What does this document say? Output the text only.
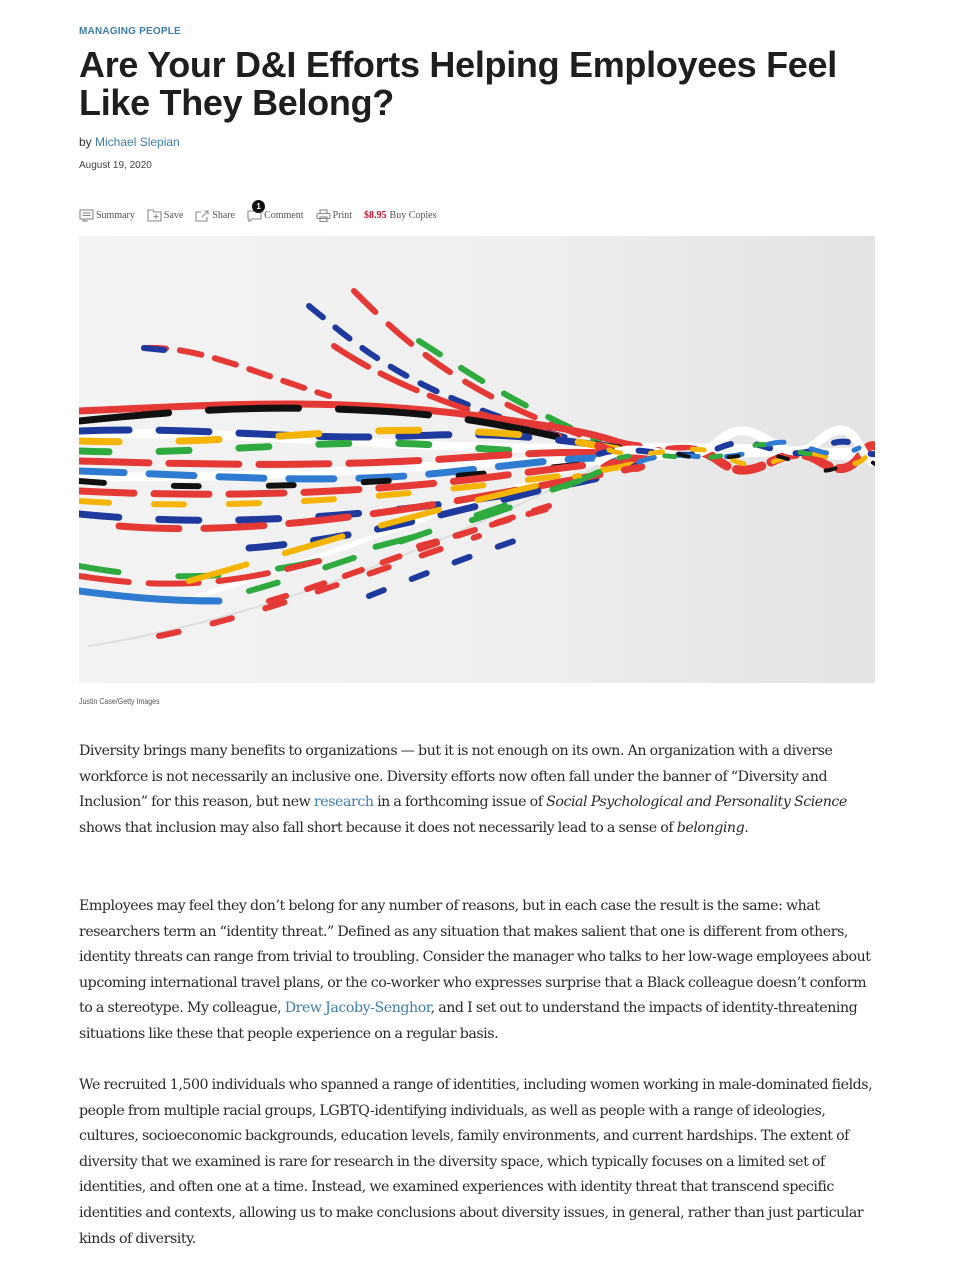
MANAGING PEOPLE
Are Your D&I Efforts Helping Employees Feel Like They Belong?
by Michael Slepian
August 19, 2020
Summary	Save	Share
1
Comment	Print $8.95 Buy Copies
Justin Case/Getty Images

Diversity brings many benefits to organizations — but it is not enough on its own. An organization with a diverse workforce is not necessarily an inclusive one. Diversity efforts now often fall under the banner of “Diversity and Inclusion” for this reason, but new research in a forthcoming issue of Social Psychological and Personality Science shows that inclusion may also fall short because it does not necessarily lead to a sense of belonging.

Employees may feel they don’t belong for any number of reasons, but in each case the result is the same: what researchers term an “identity threat.” Defined as any situation that makes salient that one is different from others, identity threats can range from trivial to troubling. Consider the manager who talks to her low-wage employees about upcoming international travel plans, or the co-worker who expresses surprise that a Black colleague doesn’t conform to a stereotype. My colleague, Drew Jacoby-Senghor, and I set out to understand the impacts of identity-threatening situations like these that people experience on a regular basis.

We recruited 1,500 individuals who spanned a range of identities, including women working in male-dominated fields, people from multiple racial groups, LGBTQ-identifying individuals, as well as people with a range of ideologies, cultures, socioeconomic backgrounds, education levels, family environments, and current hardships. The extent of diversity that we examined is rare for research in the diversity space, which typically focuses on a limited set of identities, and often one at a time. Instead, we examined experiences with identity threat that transcend specific identities and contexts, allowing us to make conclusions about diversity issues, in general, rather than just particular kinds of diversity.
